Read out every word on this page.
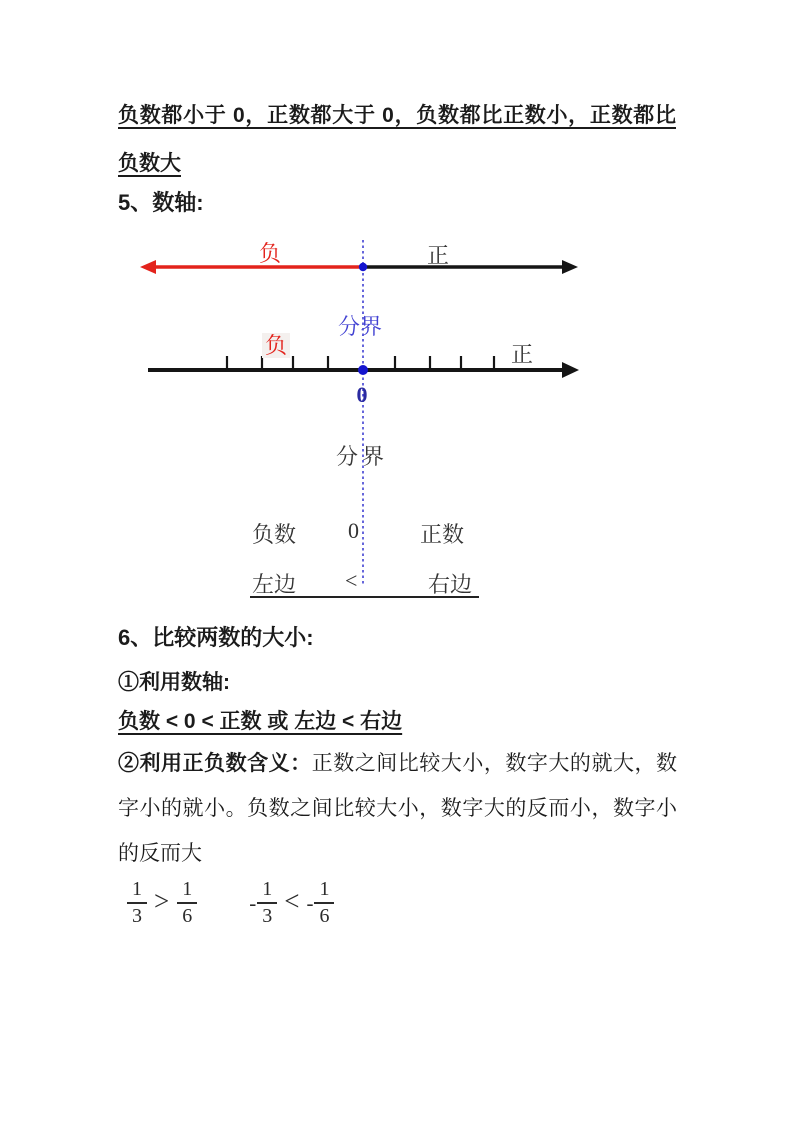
负数都小于 0，正数都大于 0，负数都比正数小，正数都比负数大
5、数轴:
负	正
分界
负	正
0
分界
负数 0	正数
左边 <	右边
6、比较两数的大小:
①利用数轴:
负数 < 0 < 正数 或 左边 < 右边
②利用正负数含义：正数之间比较大小，数字大的就大，数字小的就小。负数之间比较大小，数字大的反而小，数字小的反而大
$\frac{1}{3} > \frac{1}{6} - \frac{1}{3}$ < - $\frac{1}{6}$
